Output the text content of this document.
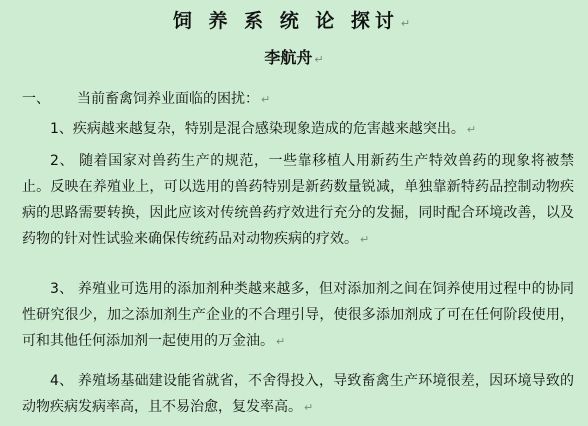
饲 养 系 统 论 探讨 ↵
李航舟 ↵
一、 当前畜禽饲养业面临的困扰： ↵
1、疾病越来越复杂，特别是混合感染现象造成的危害越来越突出。 ↵
2、 随着国家对兽药生产的规范，一些靠移植人用新药生产特效兽药的现象将被禁止。反映在养殖业上，可以选用的兽药特别是新药数量锐减，单独靠新特药品控制动物疾病的思路需要转换，因此应该对传统兽药疗效进行充分的发掘，同时配合环境改善，以及药物的针对性试验来确保传统药品对动物疾病的疗效。 ↵
3、 养殖业可选用的添加剂种类越来越多，但对添加剂之间在饲养使用过程中的协同性研究很少，加之添加剂生产企业的不合理引导，使很多添加剂成了可在任何阶段使用，可和其他任何添加剂一起使用的万金油。 ↵
4、 养殖场基础建设能省就省，不舍得投入，导致畜禽生产环境很差，因环境导致的动物疾病发病率高，且不易治愈，复发率高。 ↵
